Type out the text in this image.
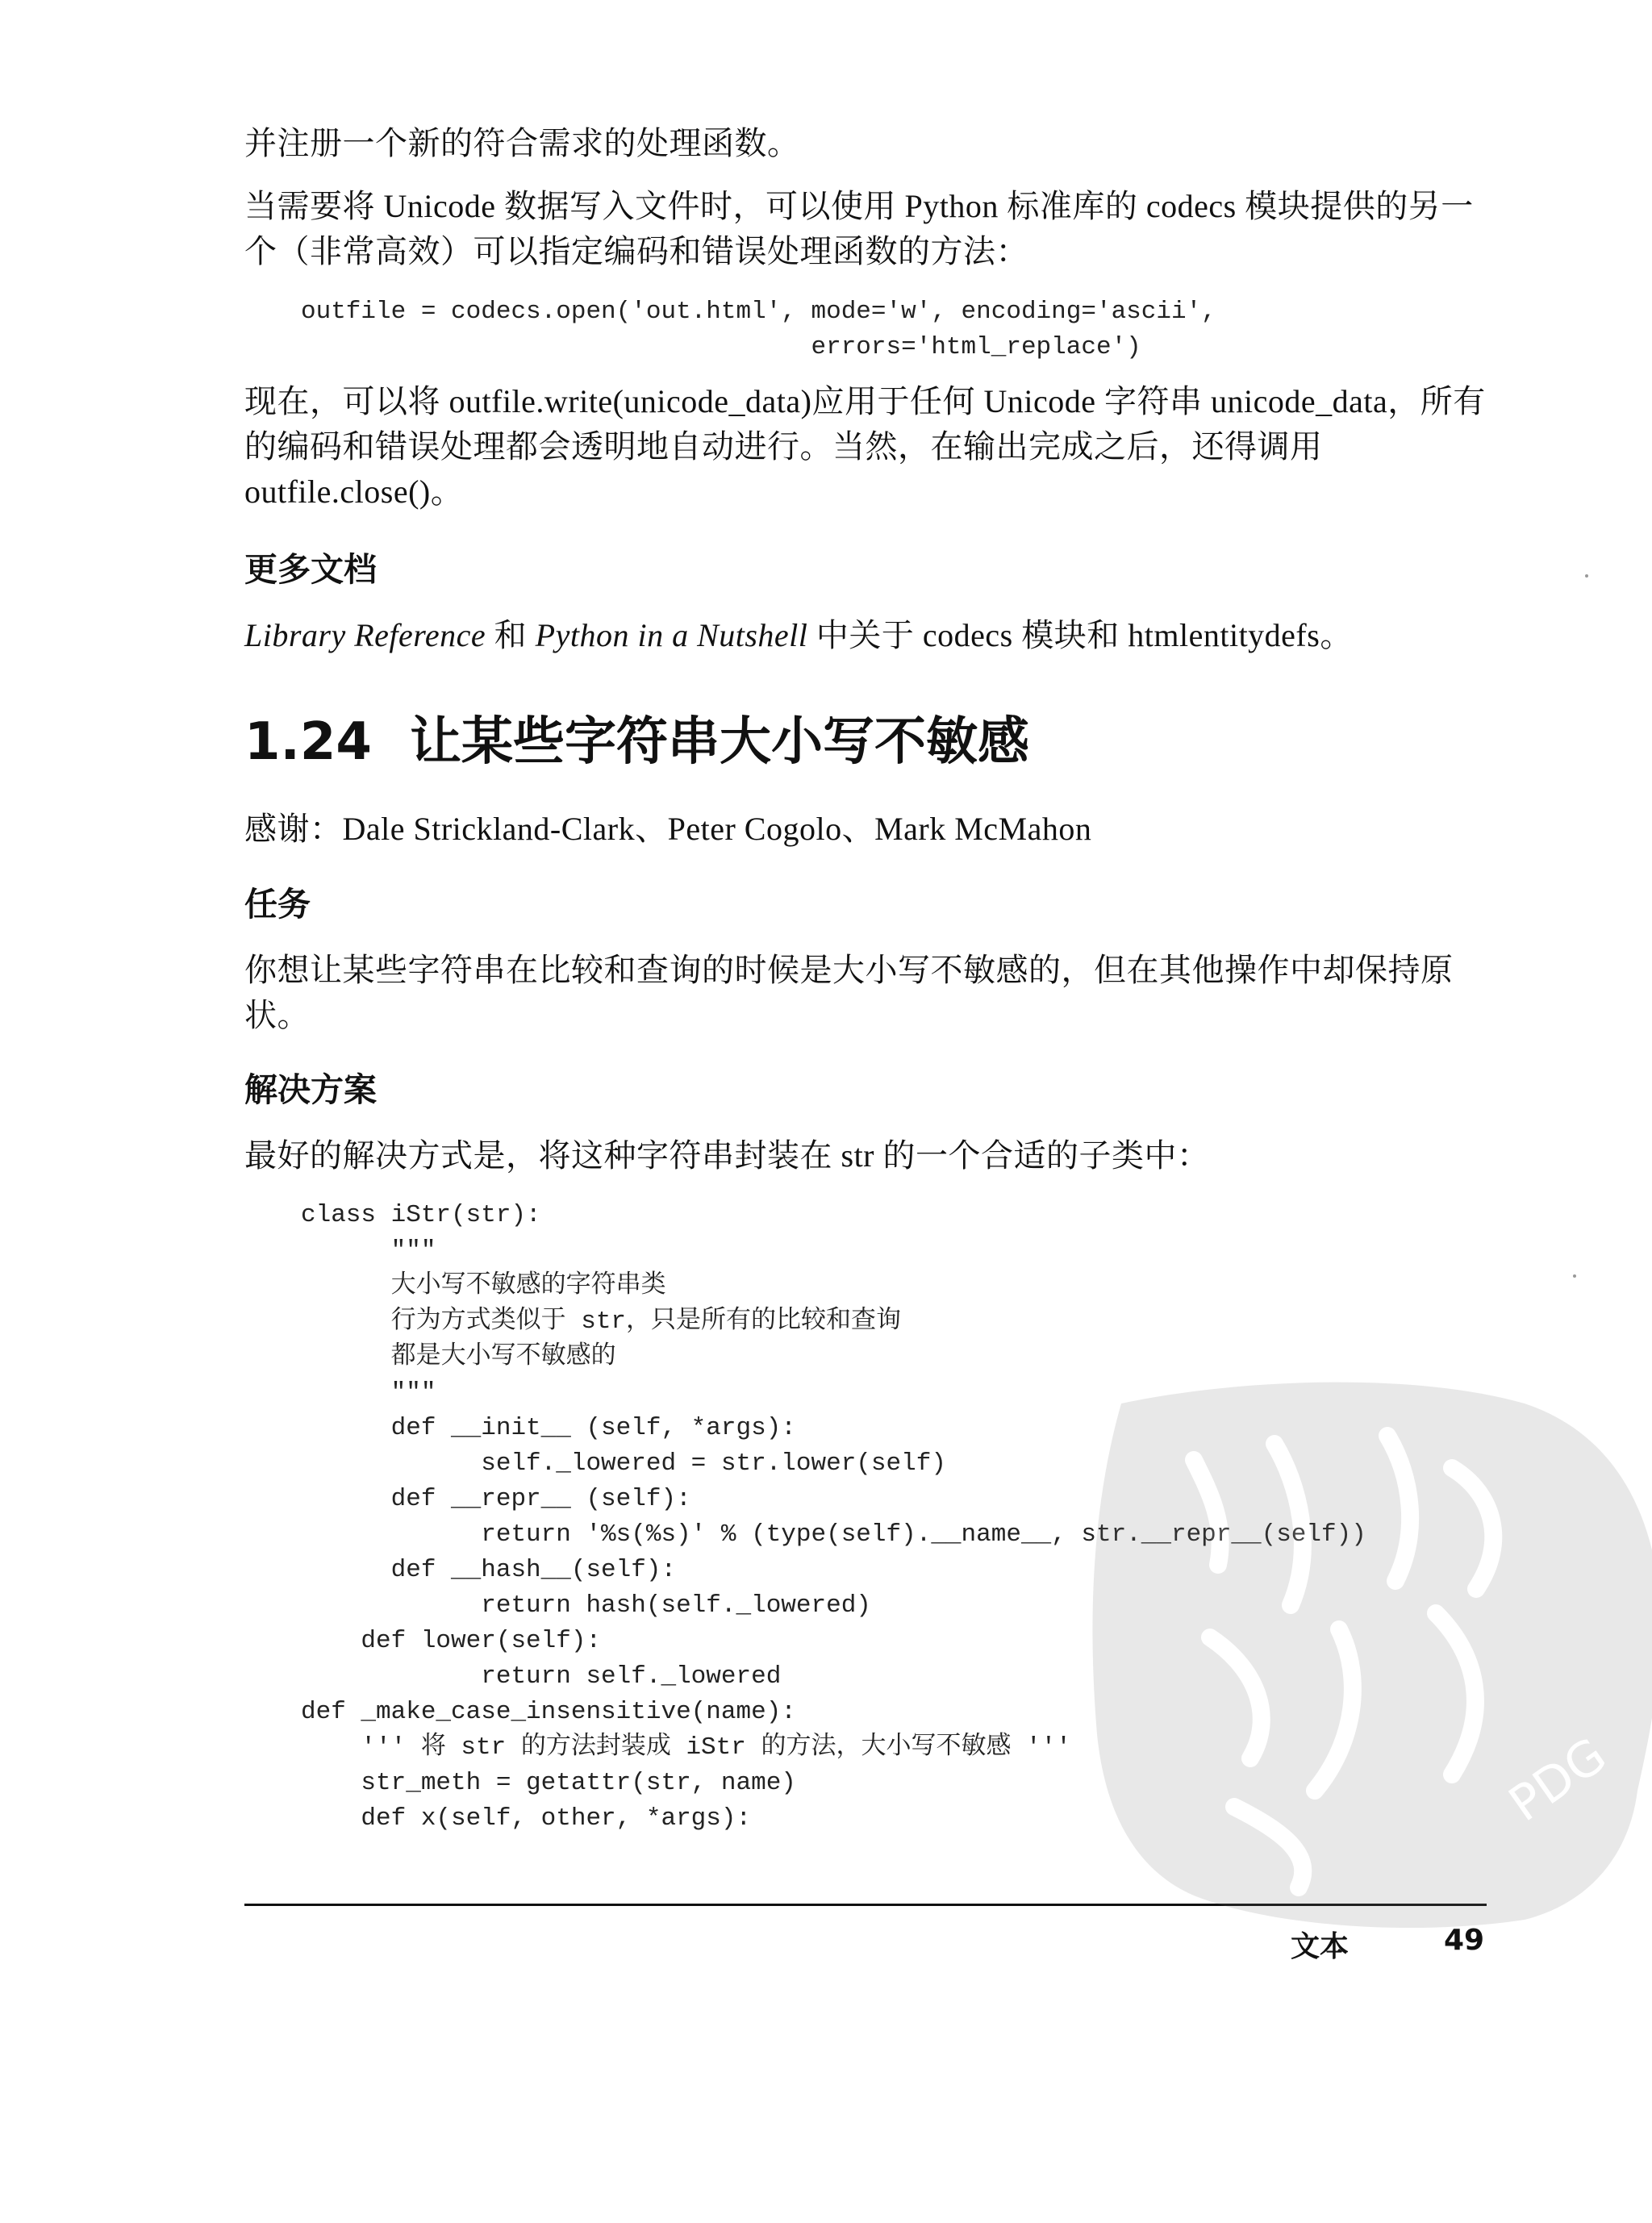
并注册一个新的符合需求的处理函数。
当需要将 Unicode 数据写入文件时，可以使用 Python 标准库的 codecs 模块提供的另一个（非常高效）可以指定编码和错误处理函数的方法：
outfile = codecs.open('out.html', mode='w', encoding='ascii',
errors='html_replace')
现在，可以将 outfile.write(unicode_data)应用于任何 Unicode 字符串 unicode_data，所有的编码和错误处理都会透明地自动进行。当然，在输出完成之后，还得调用 outfile.close()。
更多文档
Library Reference 和 Python in a Nutshell 中关于 codecs 模块和 htmlentitydefs。
1.24 让某些字符串大小写不敏感
感谢：Dale Strickland-Clark、Peter Cogolo、Mark McMahon
任务
你想让某些字符串在比较和查询的时候是大小写不敏感的，但在其他操作中却保持原状。
解决方案
最好的解决方式是，将这种字符串封装在 str 的一个合适的子类中：
class iStr(str):
"""
大小写不敏感的字符串类
行为方式类似于 str，只是所有的比较和查询
都是大小写不敏感的
"""
def __init__ (self, *args):
self._lowered = str.lower(self)
def __repr__ (self):
return '%s(%s)' % (type(self).__name__,
def __hash__(self):
return hash(self._lowered)
def lower(self):
return self._lowered
def _make_case_insensitive(name):
''' 将 str 的方法封装成 iStr 的方法，大小写不敏感 '''
str_meth = getattr(str, name)
def x(self, other, *args):
文本	49
PDG
